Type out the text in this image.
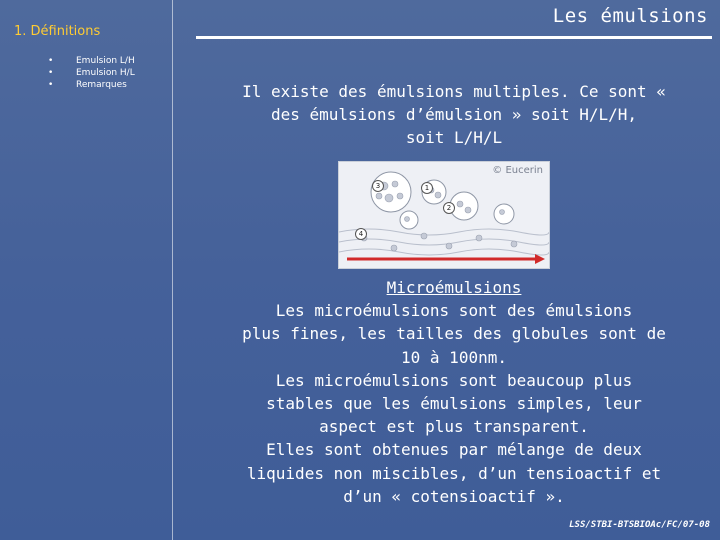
1. Définitions
• Emulsion L/H
• Emulsion H/L
• Remarques
Les émulsions

Il existe des émulsions multiples. Ce sont «
des émulsions d’émulsion » soit H/L/H,
soit L/H/L

© Eucerin
1
2
3
4

Microémulsions
Les microémulsions sont des émulsions
plus fines, les tailles des globules sont de
10 à 100nm.
Les microémulsions sont beaucoup plus
stables que les émulsions simples, leur
aspect est plus transparent.
Elles sont obtenues par mélange de deux
liquides non miscibles, d’un tensioactif et
d’un « cotensioactif ».

LSS/STBI-BTSBIOAc/FC/07-08
